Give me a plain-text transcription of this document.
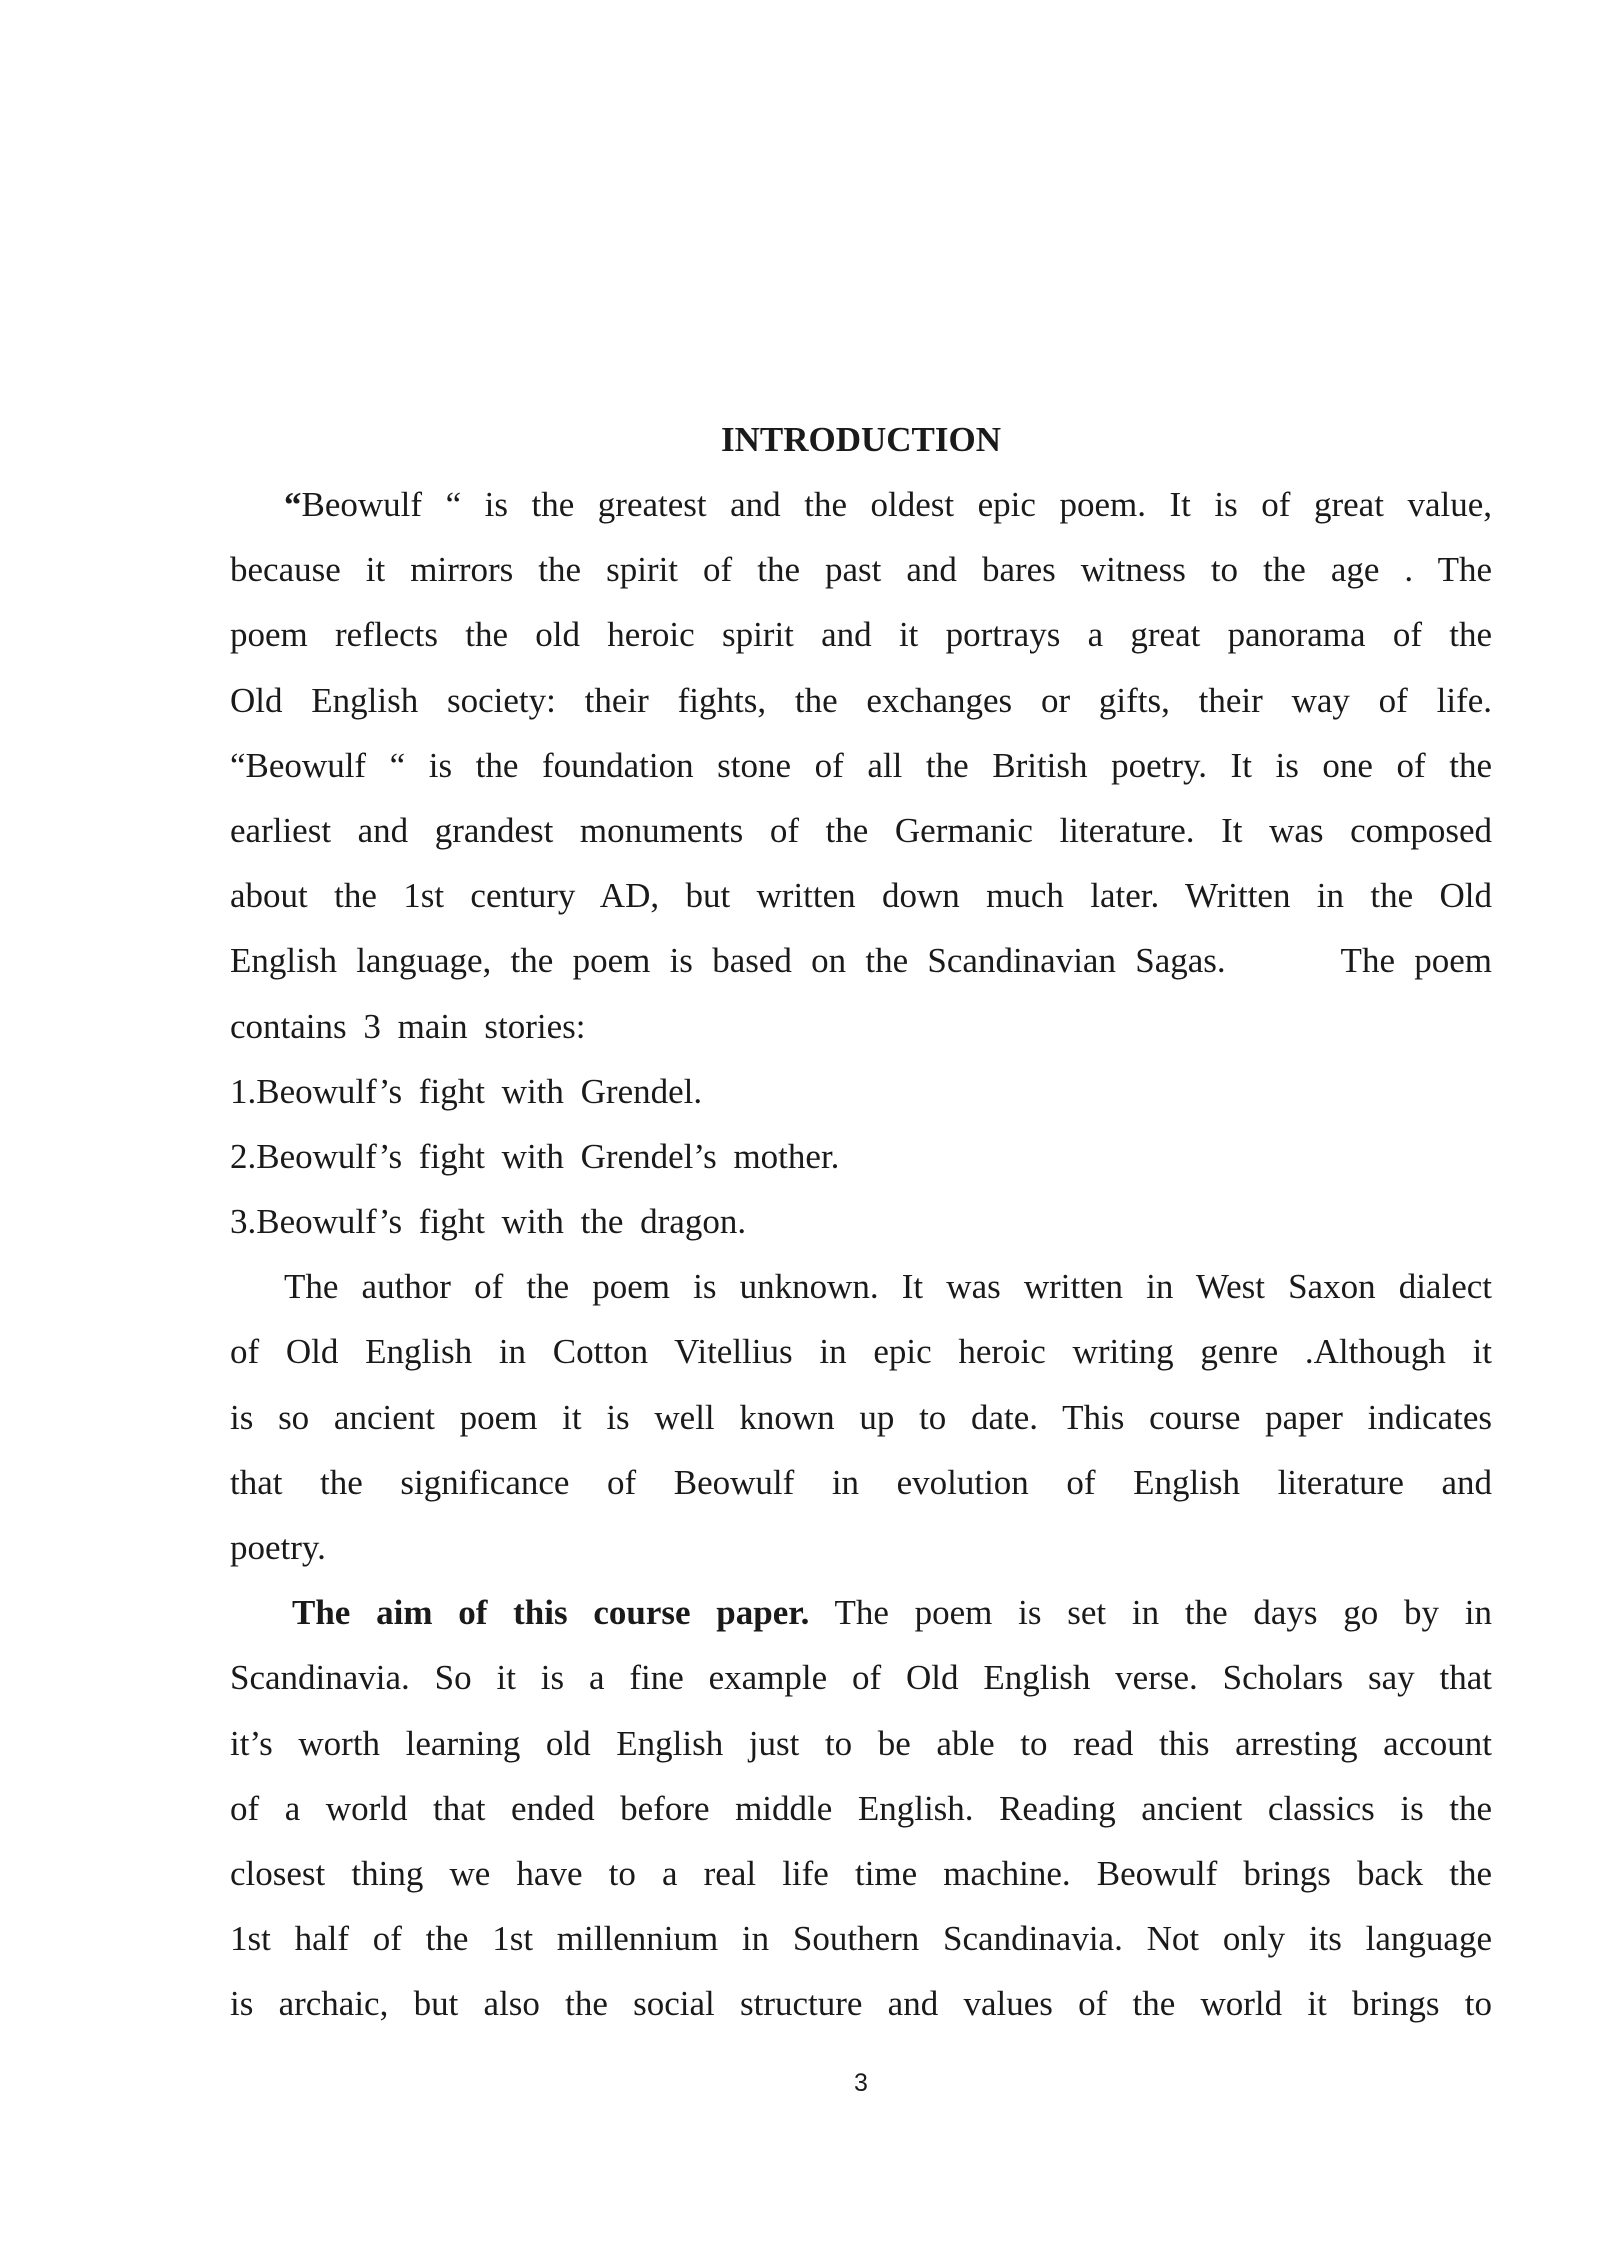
INTRODUCTION
“Beowulf “ is the greatest and the oldest epic poem. It is of great value,
because it mirrors the spirit of the past and bares witness to the age . The
poem reflects the old heroic spirit and it portrays a great panorama of the
Old English society: their fights, the exchanges or gifts, their way of life.
“Beowulf “ is the foundation stone of all the British poetry. It is one of the
earliest and grandest monuments of the Germanic literature. It was composed
about the 1st century AD, but written down much later. Written in the Old
English language, the poem is based on the Scandinavian Sagas.      The poem
contains 3 main stories:
1.Beowulf’s fight with Grendel.
2.Beowulf’s fight with Grendel’s mother.
3.Beowulf’s fight with the dragon.
The author of the poem is unknown. It was written in West Saxon dialect
of Old English in Cotton Vitellius in epic heroic writing genre .Although it
is so ancient poem it is well known up to date. This course paper indicates
that the significance of Beowulf in evolution of English literature and
poetry.
The aim of this course paper. The poem is set in the days go by in
Scandinavia. So it is a fine example of Old English verse. Scholars say that
it’s worth learning old English just to be able to read this arresting account
of a world that ended before middle English. Reading ancient classics is the
closest thing we have to a real life time machine. Beowulf brings back the
1st half of the 1st millennium in Southern Scandinavia. Not only its language
is archaic, but also the social structure and values of the world it brings to
3
